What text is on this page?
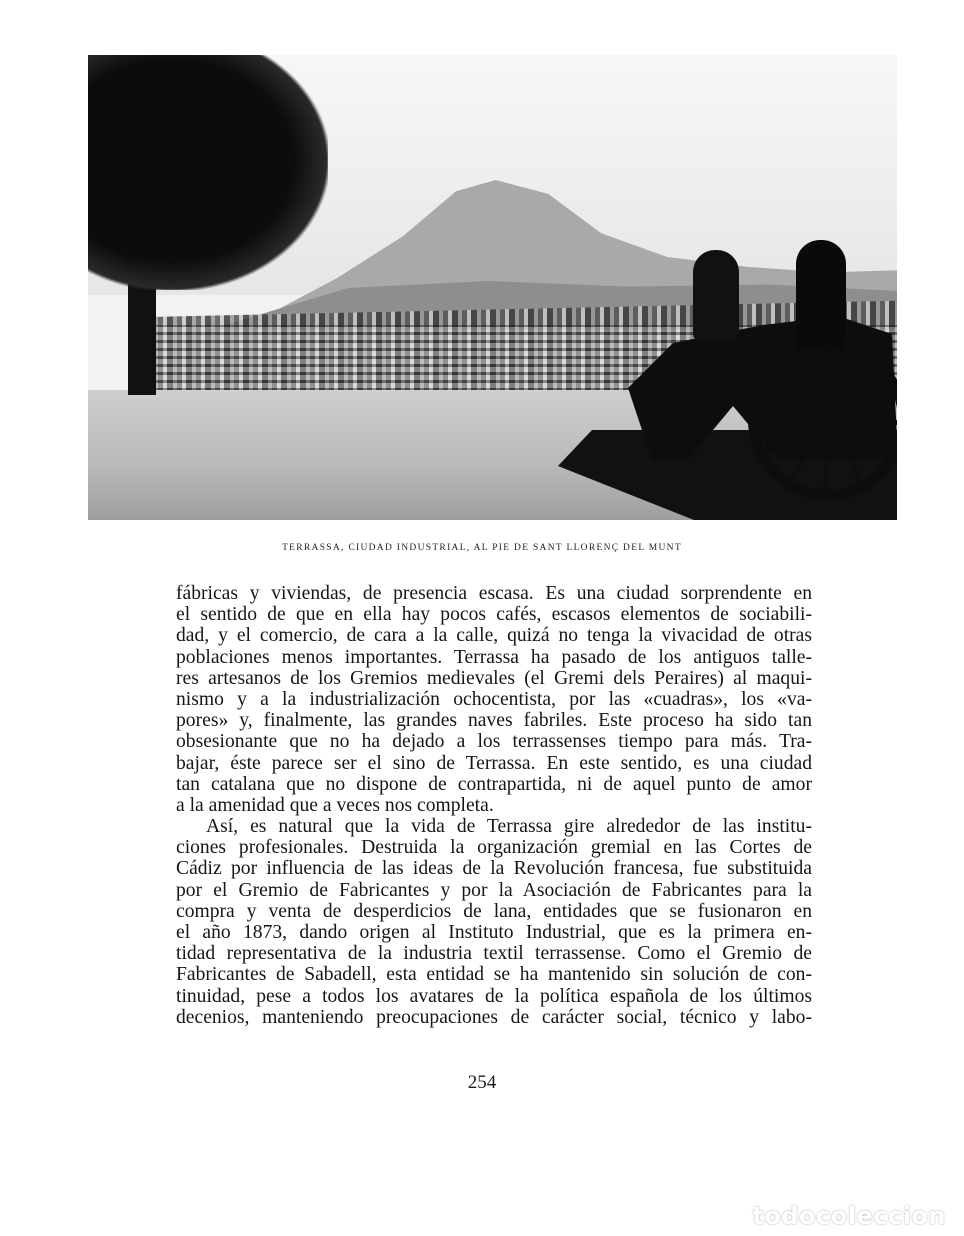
TERRASSA, CIUDAD INDUSTRIAL, AL PIE DE SANT LLORENÇ DEL MUNT
fábricas y viviendas, de presencia escasa. Es una ciudad sorprendente en
el sentido de que en ella hay pocos cafés, escasos elementos de sociabili-
dad, y el comercio, de cara a la calle, quizá no tenga la vivacidad de otras
poblaciones menos importantes. Terrassa ha pasado de los antiguos talle-
res artesanos de los Gremios medievales (el Gremi dels Peraires) al maqui-
nismo y a la industrialización ochocentista, por las «cuadras», los «va-
pores» y, finalmente, las grandes naves fabriles. Este proceso ha sido tan
obsesionante que no ha dejado a los terrassenses tiempo para más. Tra-
bajar, éste parece ser el sino de Terrassa. En este sentido, es una ciudad
tan catalana que no dispone de contrapartida, ni de aquel punto de amor
a la amenidad que a veces nos completa.
Así, es natural que la vida de Terrassa gire alrededor de las institu-
ciones profesionales. Destruida la organización gremial en las Cortes de
Cádiz por influencia de las ideas de la Revolución francesa, fue substituida
por el Gremio de Fabricantes y por la Asociación de Fabricantes para la
compra y venta de desperdicios de lana, entidades que se fusionaron en
el año 1873, dando origen al Instituto Industrial, que es la primera en-
tidad representativa de la industria textil terrassense. Como el Gremio de
Fabricantes de Sabadell, esta entidad se ha mantenido sin solución de con-
tinuidad, pese a todos los avatares de la política española de los últimos
decenios, manteniendo preocupaciones de carácter social, técnico y labo-
254
todocoleccion
